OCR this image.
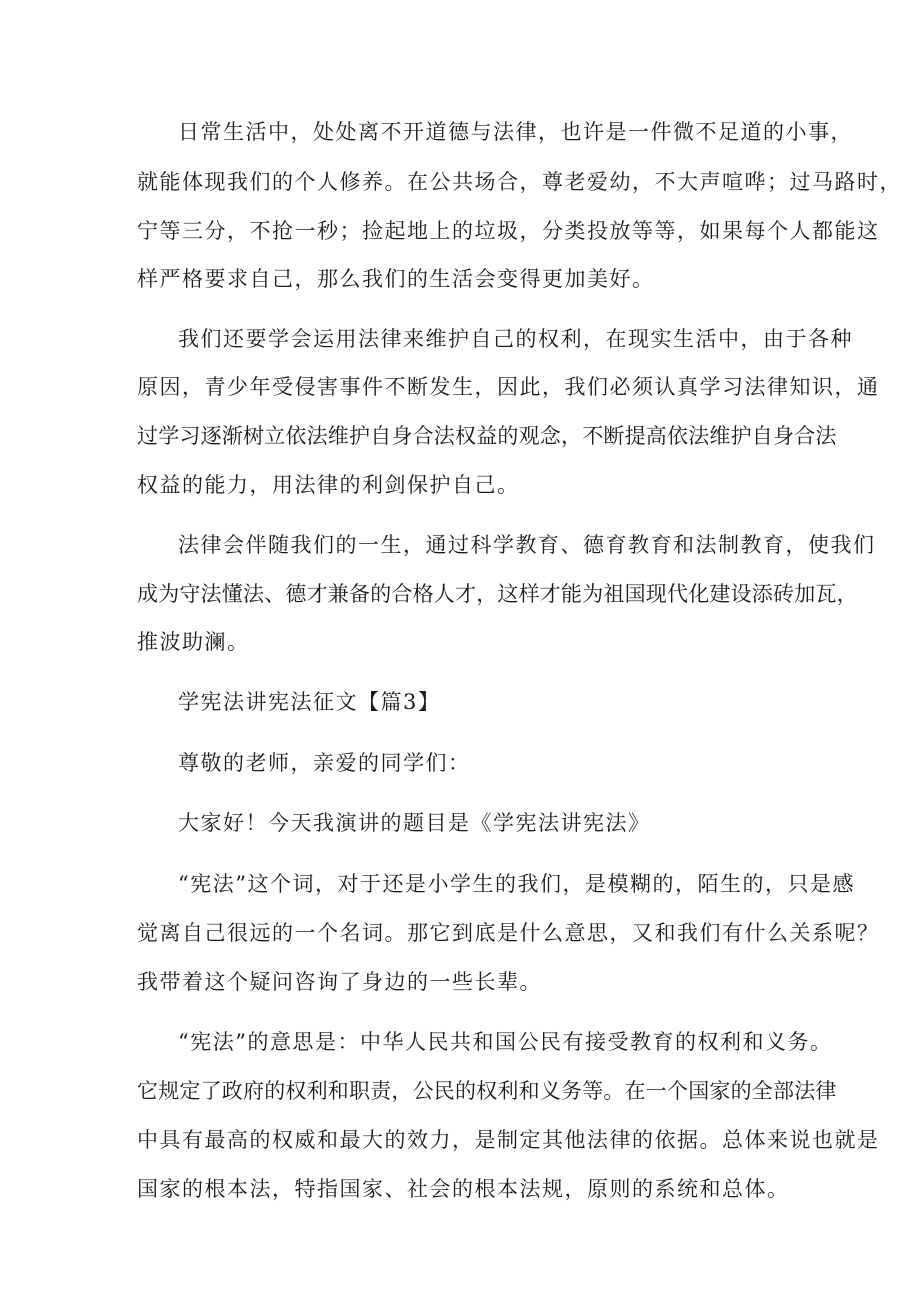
日常生活中，处处离不开道德与法律，也许是一件微不足道的小事，
就能体现我们的个人修养。在公共场合，尊老爱幼，不大声喧哗；过马路时，
宁等三分，不抢一秒；捡起地上的垃圾，分类投放等等，如果每个人都能这
样严格要求自己，那么我们的生活会变得更加美好。
我们还要学会运用法律来维护自己的权利，在现实生活中，由于各种
原因，青少年受侵害事件不断发生，因此，我们必须认真学习法律知识，通
过学习逐渐树立依法维护自身合法权益的观念，不断提高依法维护自身合法
权益的能力，用法律的利剑保护自己。
法律会伴随我们的一生，通过科学教育、德育教育和法制教育，使我们
成为守法懂法、德才兼备的合格人才，这样才能为祖国现代化建设添砖加瓦，
推波助澜。
学宪法讲宪法征文【篇3】
尊敬的老师，亲爱的同学们：
大家好！今天我演讲的题目是《学宪法讲宪法》
“宪法”这个词，对于还是小学生的我们，是模糊的，陌生的，只是感
觉离自己很远的一个名词。那它到底是什么意思，又和我们有什么关系呢？
我带着这个疑问咨询了身边的一些长辈。
“宪法”的意思是：中华人民共和国公民有接受教育的权利和义务。
它规定了政府的权利和职责，公民的权利和义务等。在一个国家的全部法律
中具有最高的权威和最大的效力，是制定其他法律的依据。总体来说也就是
国家的根本法，特指国家、社会的根本法规，原则的系统和总体。
